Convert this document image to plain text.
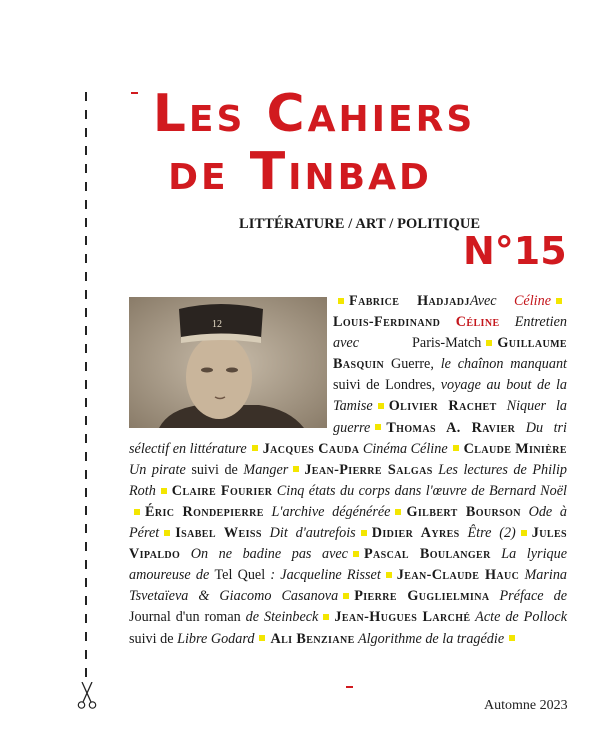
Les Cahiers
de Tinbad
LITTÉRATURE / ART / POLITIQUE
N°15
12
Fabrice HadjadjAvec CélineLouis-Ferdinand Céline Entretien avec Paris-Match Guillaume Basquin Guerre, le chaînon manquant suivi de Londres, voyage au bout de la Tamise Olivier Rachet Niquer la guerre Thomas A. Ravier Du tri sélectif en littérature Jacques Cauda Cinéma Céline Claude Minière Un pirate suivi de Manger Jean-Pierre Salgas Les lectures de Philip Roth Claire Fourier Cinq états du corps dans l'œuvre de Bernard NoëlÉric Rondepierre L'archive dégénérée Gilbert Bourson Ode à Péret Isabel Weiss Dit d'autrefois Didier Ayres Être (2) Jules Vipaldo On ne badine pas avec Pascal Boulanger La lyrique amoureuse de Tel Quel : Jacqueline Risset Jean-Claude Hauc Marina Tsvetaïeva & Giacomo Casanova Pierre Guglielmina Préface de Journal d'un roman de Steinbeck Jean-Hugues Larché Acte de Pollock suivi de Libre Godard Ali Benziane Algorithme de la tragédie
Automne 2023
